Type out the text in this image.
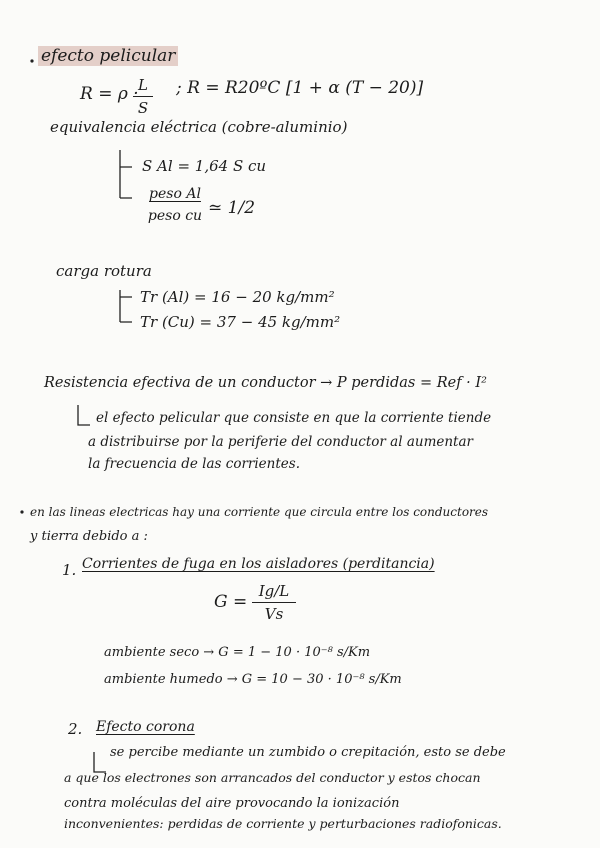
efecto pelicular
R = ρ · L
S
; R = R20ºC [1 + α (T − 20)]
equivalencia eléctrica (cobre-aluminio)
S Al = 1,64 S cu
peso Al
peso cu ≃ 1/2
carga rotura
Tr (Al) = 16 − 20 kg/mm²
Tr (Cu) = 37 − 45 kg/mm²
Resistencia efectiva de un conductor → P perdidas = Ref · I²
el efecto pelicular que consiste en que la corriente tiende
a distribuirse por la periferie del conductor al aumentar
la frecuencia de las corrientes.
en las lineas electricas hay una corriente que circula entre los conductores
y tierra debido a :
1. Corrientes de fuga en los aisladores (perditancia)
G =
Ig/L
Vs
ambiente seco → G = 1 − 10 · 10⁻⁸ s/Km
ambiente humedo → G = 10 − 30 · 10⁻⁸ s/Km
2. Efecto corona
se percibe mediante un zumbido o crepitación, esto se debe
a que los electrones son arrancados del conductor y estos chocan
contra moléculas del aire provocando la ionización
inconvenientes: perdidas de corriente y perturbaciones radiofonicas.
